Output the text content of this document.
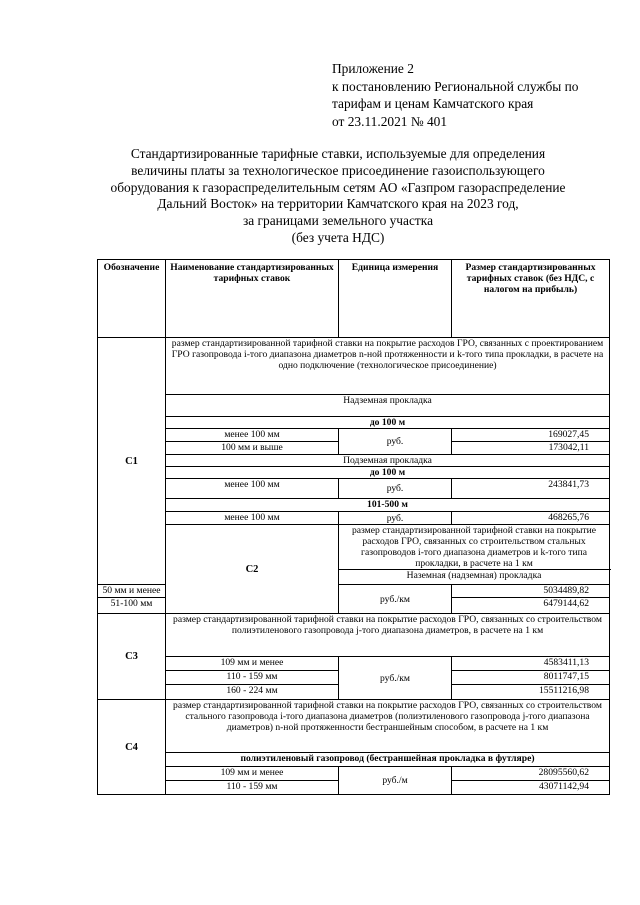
Приложение 2
к постановлению Региональной службы по
тарифам и ценам Камчатского края
от 23.11.2021 № 401
Стандартизированные тарифные ставки, используемые для определения
величины платы за технологическое присоединение газоиспользующего
оборудования к газораспределительным сетям АО «Газпром газораспределение
Дальний Восток» на территории Камчатского края на 2023 год,
за границами земельного участка
(без учета НДС)
Обозначение	Наименование стандартизированных тарифных ставок	Единица измерения	Размер стандартизированных тарифных ставок (без НДС, с налогом на прибыль)
С1	размер стандартизированной тарифной ставки на покрытие расходов ГРО, связанных с проектированием ГРО газопровода i-того диапазона диаметров n-ной протяженности и k-того типа прокладки, в расчете на одно подключение (технологическое присоединение)		
	Надземная прокладка		
	до 100 м		
	менее 100 мм	руб.	169027,45
	100 мм и выше		173042,11
	Подземная прокладка		
	до 100 м		
	менее 100 мм	руб.	243841,73
	101-500 м		
	менее 100 мм	руб.	468265,76
	С2	размер стандартизированной тарифной ставки на покрытие расходов ГРО, связанных со строительством стальных газопроводов i-того диапазона диаметров и k-того типа прокладки, в расчете на 1 км	
		Наземная (надземная) прокладка	
50 мм и менее		руб./км	5034489,82
51-100 мм			6479144,62
С3	размер стандартизированной тарифной ставки на покрытие расходов ГРО, связанных со строительством полиэтиленового газопровода j-того диапазона диаметров, в расчете на 1 км		
	109 мм и менее	руб./км	4583411,13
	110 - 159 мм		8011747,15
	160 - 224 мм		15511216,98
С4	размер стандартизированной тарифной ставки на покрытие расходов ГРО, связанных со строительством стального газопровода i-того диапазона диаметров (полиэтиленового газопровода j-того диапазона диаметров) n-ной протяженности бестраншейным способом, в расчете на 1 км		
	полиэтиленовый газопровод (бестраншейная прокладка в футляре)		
	109 мм и менее	руб./м	28095560,62
	110 - 159 мм		43071142,94
